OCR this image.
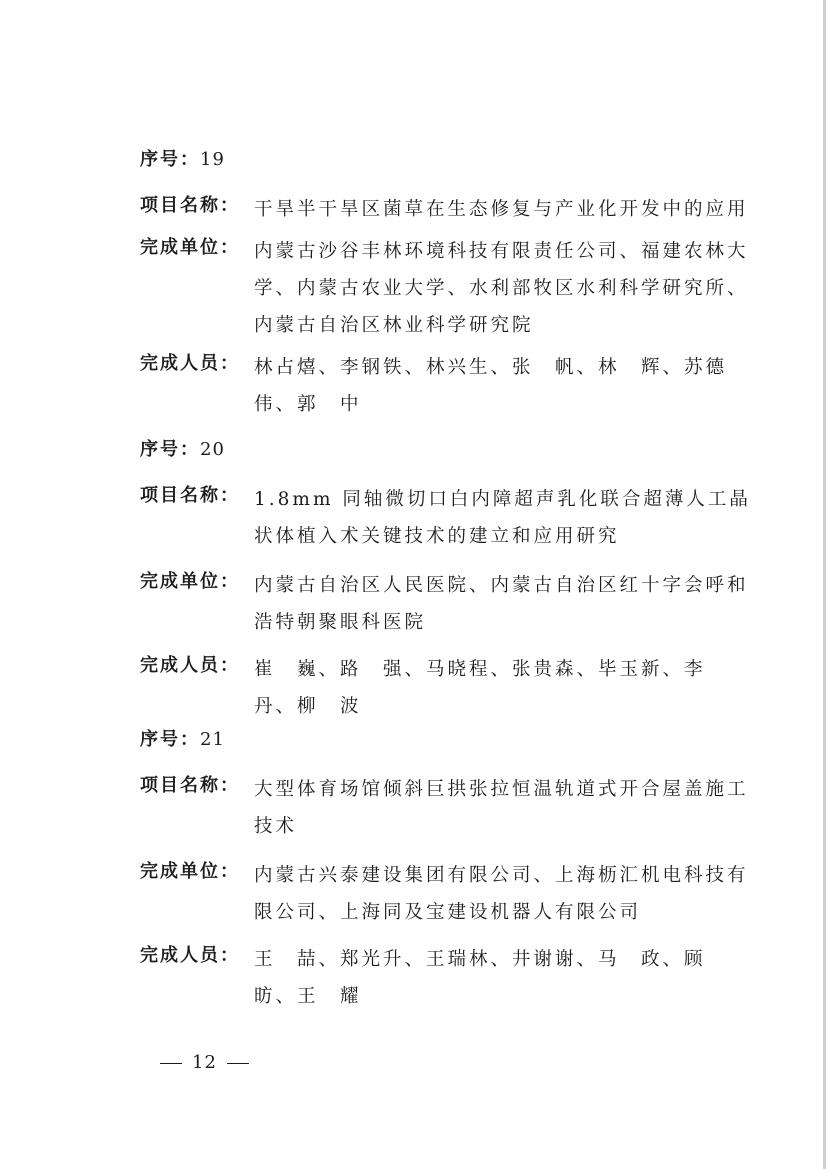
序号：19
项目名称： 干旱半干旱区菌草在生态修复与产业化开发中的应用
完成单位： 内蒙古沙谷丰林环境科技有限责任公司、福建农林大学、内蒙古农业大学、水利部牧区水利科学研究所、内蒙古自治区林业科学研究院
完成人员： 林占熺、李钢铁、林兴生、张　帆、林　辉、苏德伟、郭　中
序号：20
项目名称： 1.8mm 同轴微切口白内障超声乳化联合超薄人工晶状体植入术关键技术的建立和应用研究
完成单位： 内蒙古自治区人民医院、内蒙古自治区红十字会呼和浩特朝聚眼科医院
完成人员： 崔　巍、路　强、马晓程、张贵森、毕玉新、李　丹、柳　波
序号：21
项目名称： 大型体育场馆倾斜巨拱张拉恒温轨道式开合屋盖施工技术
完成单位： 内蒙古兴泰建设集团有限公司、上海枥汇机电科技有限公司、上海同及宝建设机器人有限公司
完成人员： 王　喆、郑光升、王瑞林、井谢谢、马　政、顾　昉、王　耀
12
